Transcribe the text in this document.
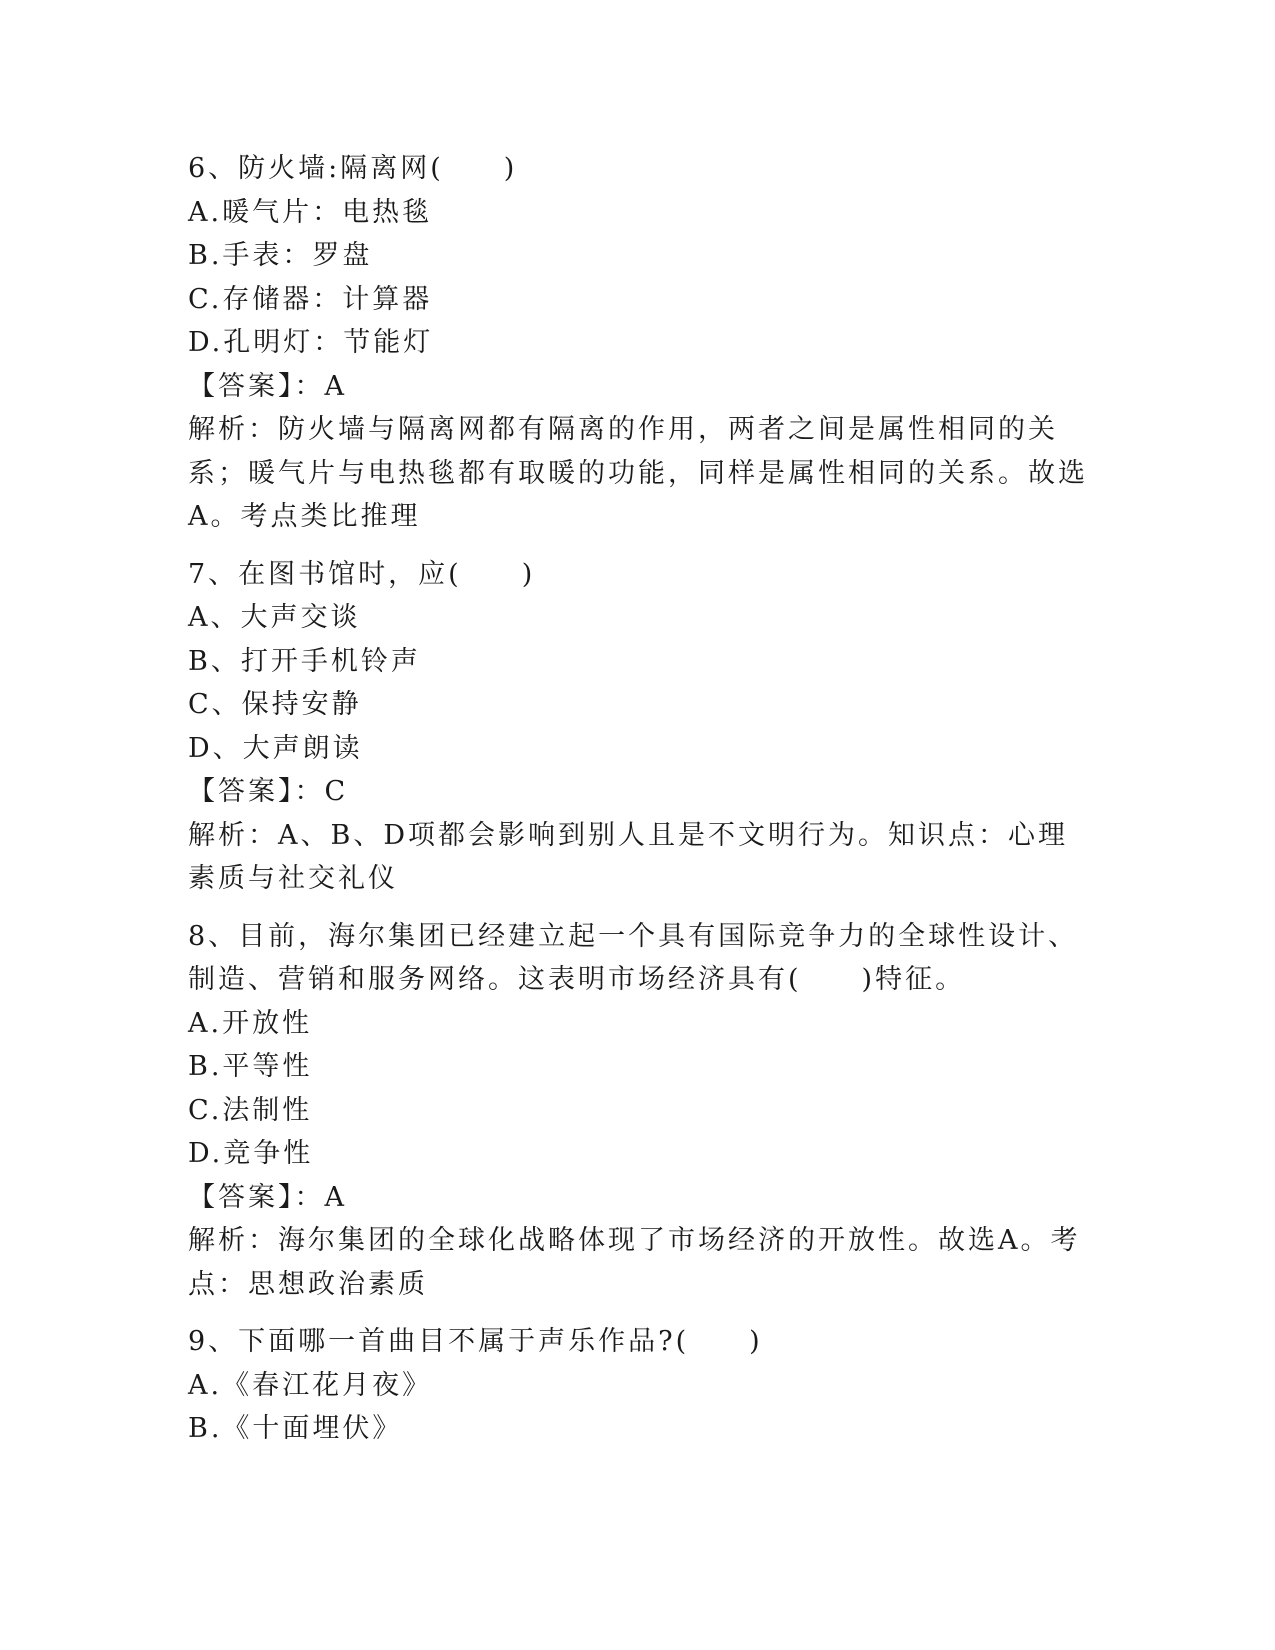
6、防火墙:隔离网(　　)
A.暖气片：电热毯
B.手表：罗盘
C.存储器：计算器
D.孔明灯：节能灯
【答案】：A
解析：防火墙与隔离网都有隔离的作用，两者之间是属性相同的关系；暖气片与电热毯都有取暖的功能，同样是属性相同的关系。故选A。考点类比推理
7、在图书馆时，应(　　)
A、大声交谈
B、打开手机铃声
C、保持安静
D、大声朗读
【答案】：C
解析：A、B、D项都会影响到别人且是不文明行为。知识点：心理素质与社交礼仪
8、目前，海尔集团已经建立起一个具有国际竞争力的全球性设计、制造、营销和服务网络。这表明市场经济具有(　　)特征。
A.开放性
B.平等性
C.法制性
D.竞争性
【答案】：A
解析：海尔集团的全球化战略体现了市场经济的开放性。故选A。考点：思想政治素质
9、下面哪一首曲目不属于声乐作品?(　　)
A.《春江花月夜》
B.《十面埋伏》
